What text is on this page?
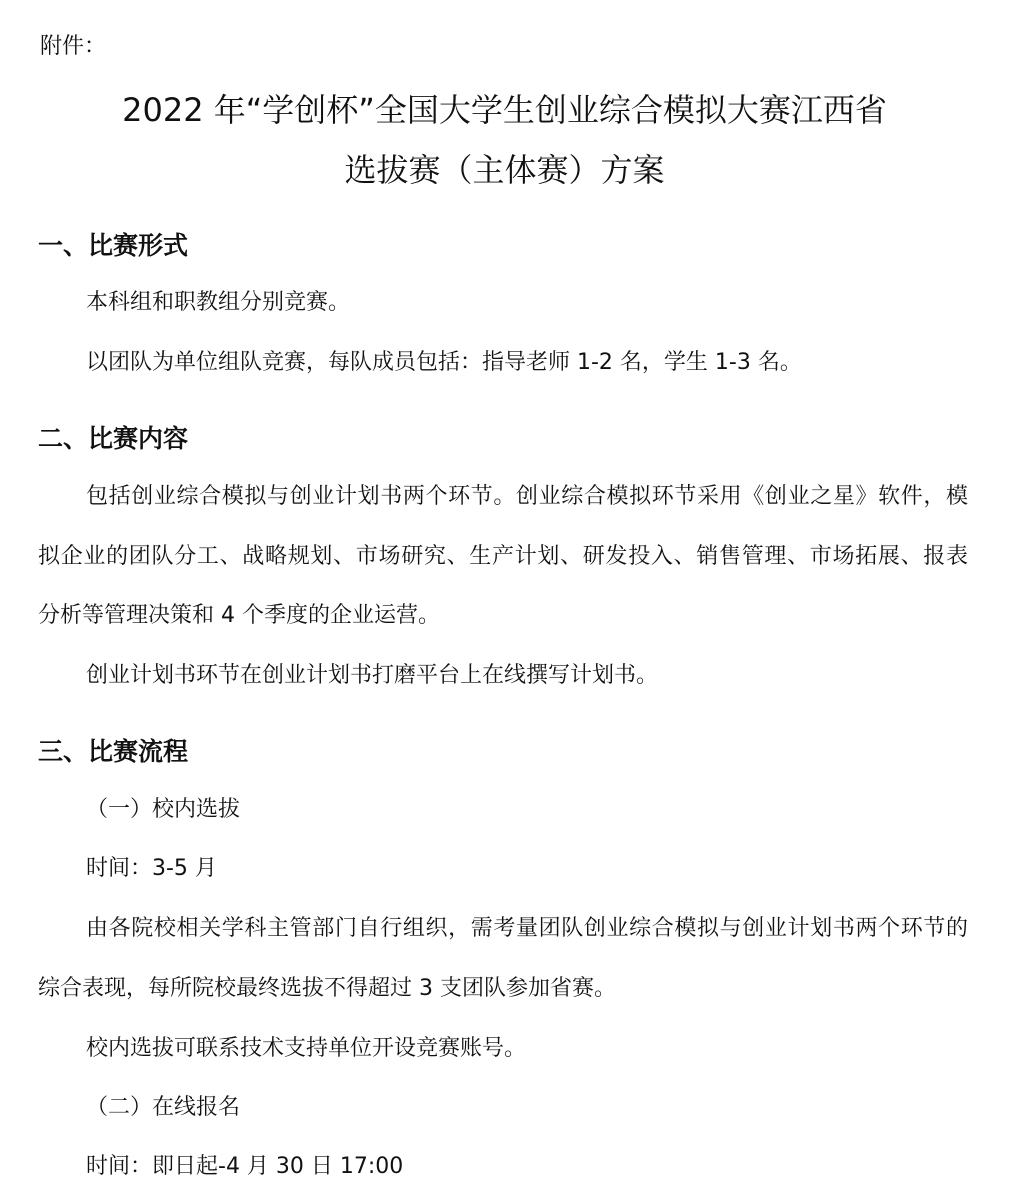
附件：
2022 年“学创杯”全国大学生创业综合模拟大赛江西省
选拔赛（主体赛）方案
一、比赛形式
本科组和职教组分别竞赛。
以团队为单位组队竞赛，每队成员包括：指导老师 1-2 名，学生 1-3 名。
二、比赛内容
包括创业综合模拟与创业计划书两个环节。创业综合模拟环节采用《创业之星》软件，模
拟企业的团队分工、战略规划、市场研究、生产计划、研发投入、销售管理、市场拓展、报表
分析等管理决策和 4 个季度的企业运营。
创业计划书环节在创业计划书打磨平台上在线撰写计划书。
三、比赛流程
（一）校内选拔
时间：3-5 月
由各院校相关学科主管部门自行组织，需考量团队创业综合模拟与创业计划书两个环节的
综合表现，每所院校最终选拔不得超过 3 支团队参加省赛。
校内选拔可联系技术支持单位开设竞赛账号。
（二）在线报名
时间：即日起-4 月 30 日 17:00
